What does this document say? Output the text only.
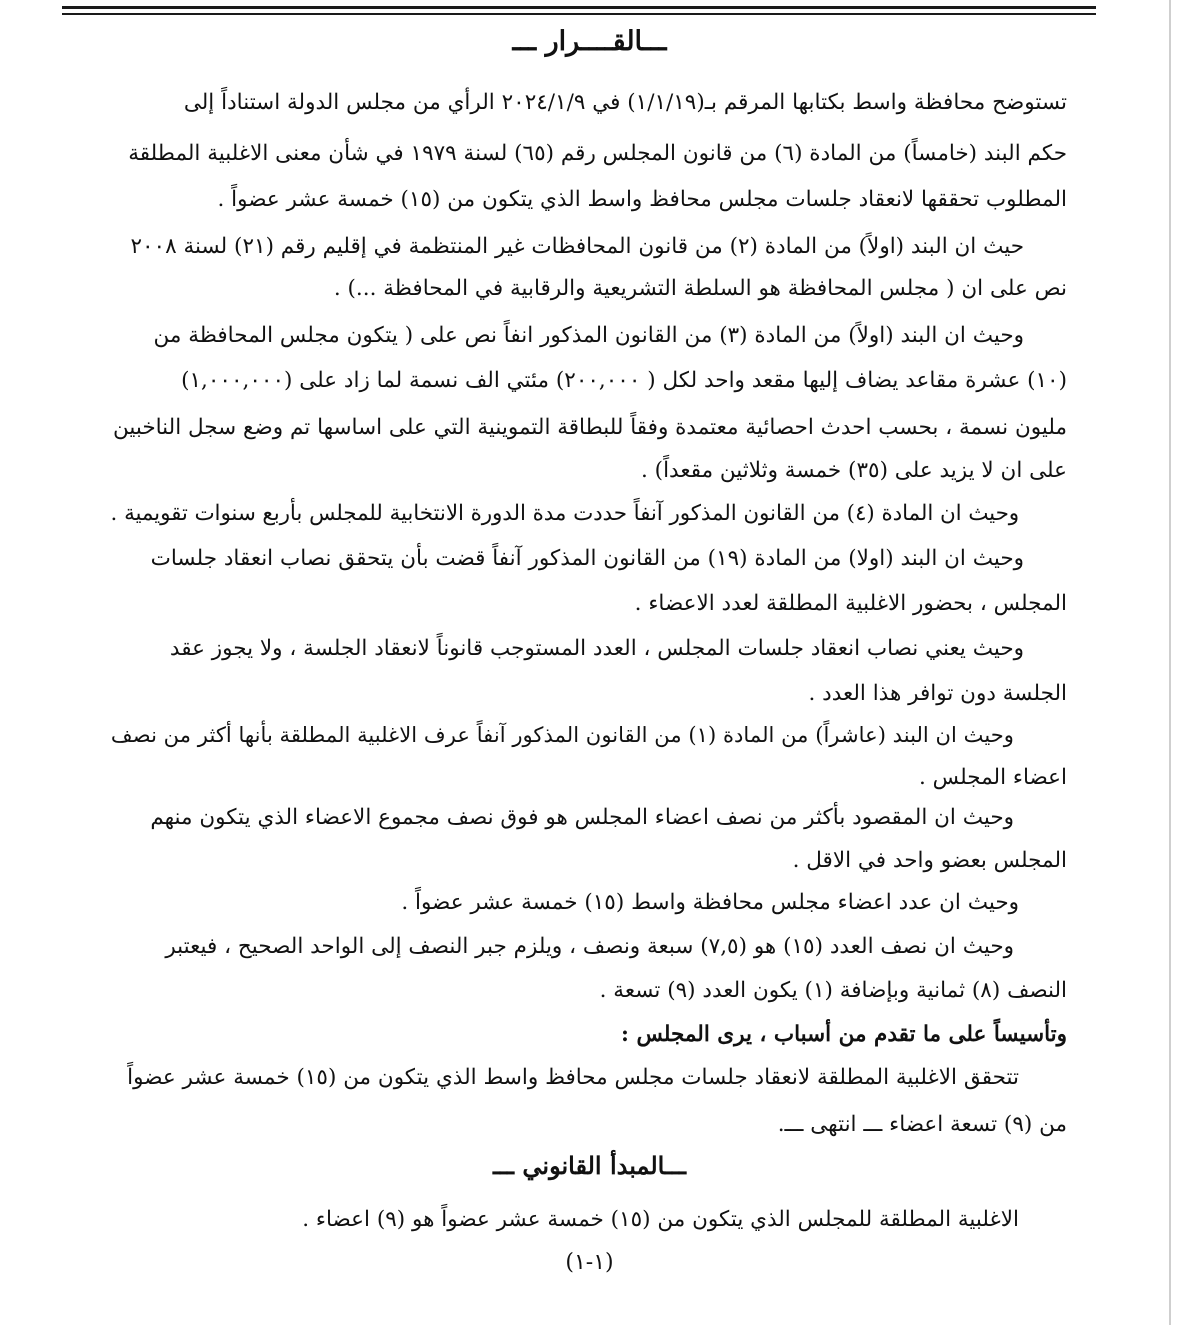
ـــالقــــرار ـــ
تستوضح محافظة واسط بكتابها المرقم بـ(١/١/١٩) في ٢٠٢٤/١/٩ الرأي من مجلس الدولة استناداً إلى
حكم البند (خامساً) من المادة (٦) من قانون المجلس رقم (٦٥) لسنة ١٩٧٩ في شأن معنى الاغلبية المطلقة
المطلوب تحققها لانعقاد جلسات مجلس محافظ واسط الذي يتكون من (١٥) خمسة عشر عضواً .
حيث ان البند (اولاً) من المادة (٢) من قانون المحافظات غير المنتظمة في إقليم رقم (٢١) لسنة ٢٠٠٨
نص على ان ( مجلس المحافظة هو السلطة التشريعية والرقابية في المحافظة ...) .
وحيث ان البند (اولاً) من المادة (٣) من القانون المذكور انفاً نص على ( يتكون مجلس المحافظة من
(١٠) عشرة مقاعد يضاف إليها مقعد واحد لكل ( ٢٠٠,٠٠٠) مئتي الف نسمة لما زاد على (١,٠٠٠,٠٠٠)
مليون نسمة ، بحسب احدث احصائية معتمدة وفقاً للبطاقة التموينية التي على اساسها تم وضع سجل الناخبين
على ان لا يزيد على (٣٥) خمسة وثلاثين مقعداً) .
وحيث ان المادة (٤) من القانون المذكور آنفاً حددت مدة الدورة الانتخابية للمجلس بأربع سنوات تقويمية .
وحيث ان البند (اولا) من المادة (١٩) من القانون المذكور آنفاً قضت بأن يتحقق نصاب انعقاد جلسات
المجلس ، بحضور الاغلبية المطلقة لعدد الاعضاء .
وحيث يعني نصاب انعقاد جلسات المجلس ، العدد المستوجب قانوناً لانعقاد الجلسة ، ولا يجوز عقد
الجلسة دون توافر هذا العدد .
وحيث ان البند (عاشراً) من المادة (١) من القانون المذكور آنفاً عرف الاغلبية المطلقة بأنها أكثر من نصف
اعضاء المجلس .
وحيث ان المقصود بأكثر من نصف اعضاء المجلس هو فوق نصف مجموع الاعضاء الذي يتكون منهم
المجلس بعضو واحد في الاقل .
وحيث ان عدد اعضاء مجلس محافظة واسط (١٥) خمسة عشر عضواً .
وحيث ان نصف العدد (١٥) هو (٧,٥) سبعة ونصف ، ويلزم جبر النصف إلى الواحد الصحيح ، فيعتبر
النصف (٨) ثمانية وبإضافة (١) يكون العدد (٩) تسعة .
وتأسيساً على ما تقدم من أسباب ، يرى المجلس :
تتحقق الاغلبية المطلقة لانعقاد جلسات مجلس محافظ واسط الذي يتكون من (١٥) خمسة عشر عضواً
من (٩) تسعة اعضاء ـــ انتهى ـــ.
ـــالمبدأ القانوني ـــ
الاغلبية المطلقة للمجلس الذي يتكون من (١٥) خمسة عشر عضواً هو (٩) اعضاء .
(١-١)
